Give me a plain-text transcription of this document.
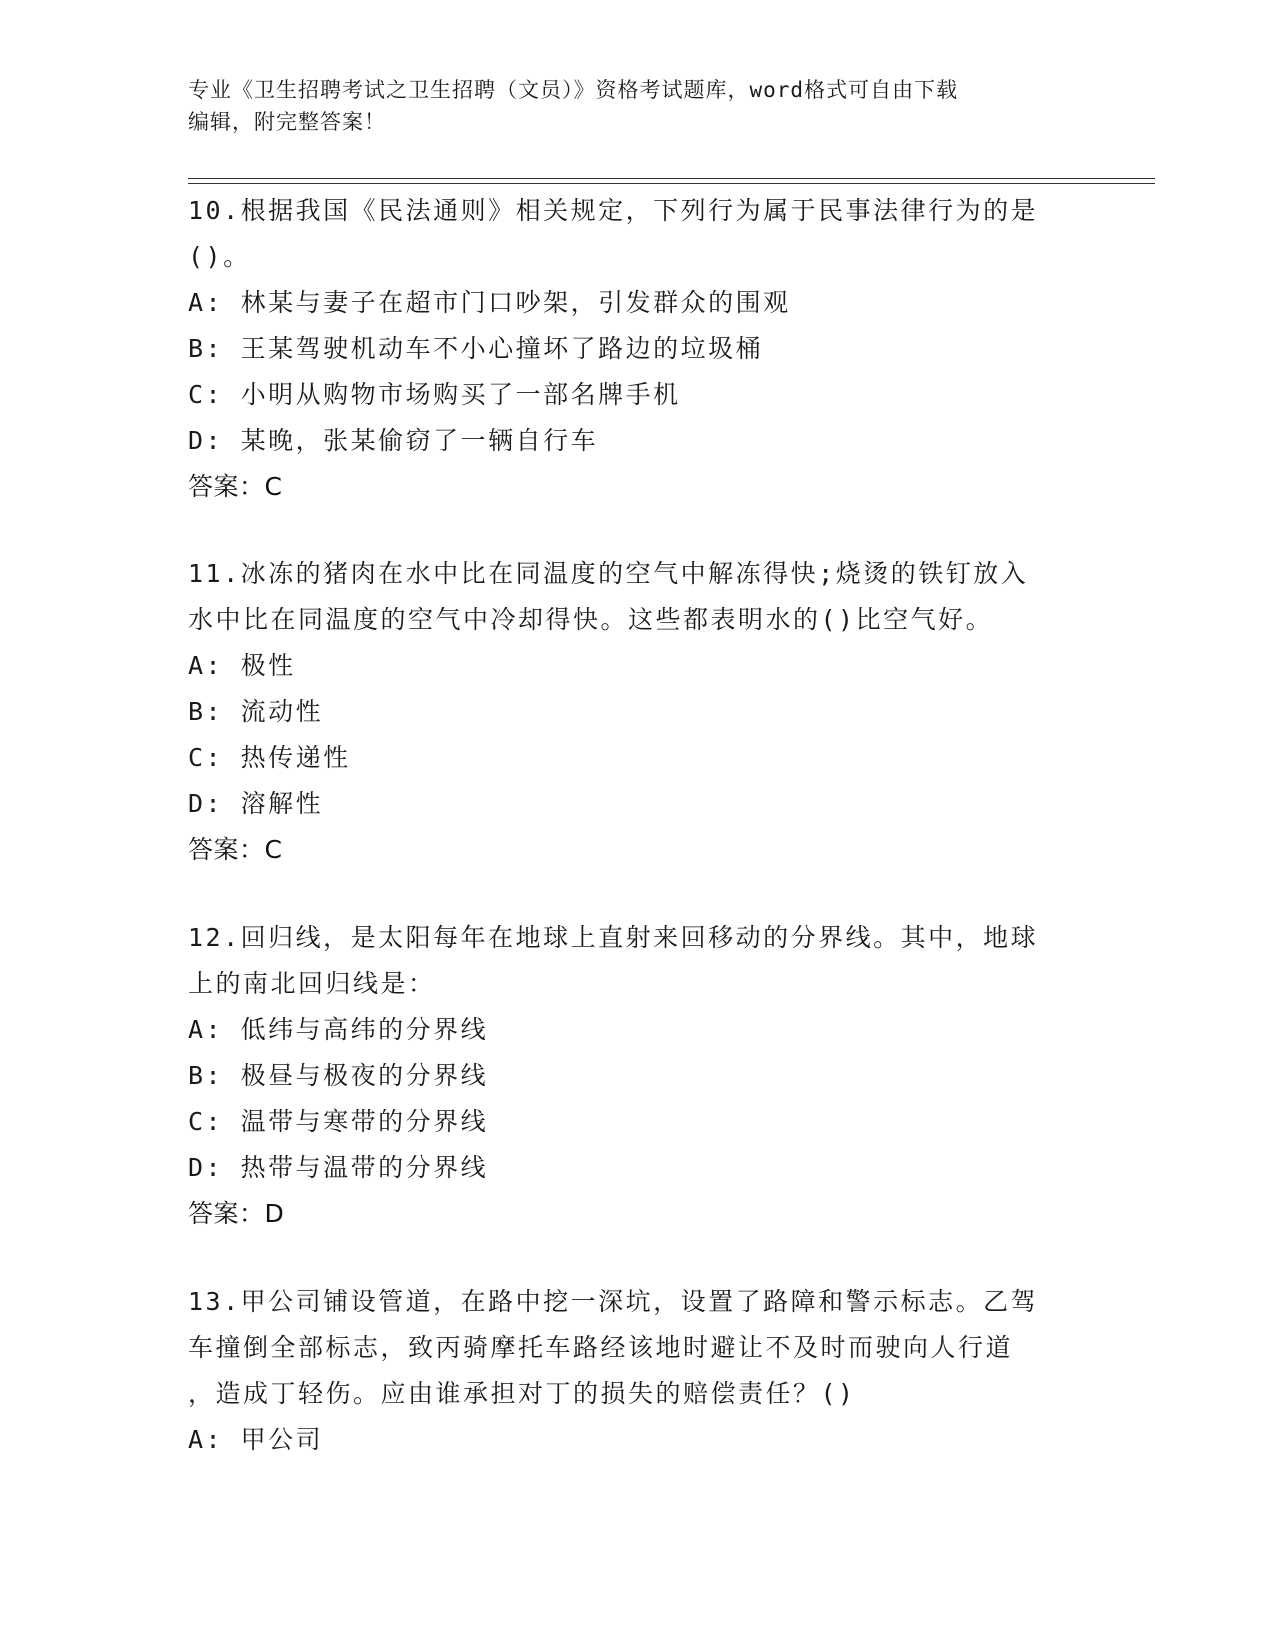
专业《卫生招聘考试之卫生招聘（文员）》资格考试题库，word格式可自由下载
编辑，附完整答案！
10.根据我国《民法通则》相关规定，下列行为属于民事法律行为的是
()。
A: 林某与妻子在超市门口吵架，引发群众的围观
B: 王某驾驶机动车不小心撞坏了路边的垃圾桶
C: 小明从购物市场购买了一部名牌手机
D: 某晚，张某偷窃了一辆自行车
答案：C
11.冰冻的猪肉在水中比在同温度的空气中解冻得快;烧烫的铁钉放入
水中比在同温度的空气中冷却得快。这些都表明水的()比空气好。
A: 极性
B: 流动性
C: 热传递性
D: 溶解性
答案：C
12.回归线，是太阳每年在地球上直射来回移动的分界线。其中，地球
上的南北回归线是：
A: 低纬与高纬的分界线
B: 极昼与极夜的分界线
C: 温带与寒带的分界线
D: 热带与温带的分界线
答案：D
13.甲公司铺设管道，在路中挖一深坑，设置了路障和警示标志。乙驾
车撞倒全部标志，致丙骑摩托车路经该地时避让不及时而驶向人行道
，造成丁轻伤。应由谁承担对丁的损失的赔偿责任？()
A: 甲公司
